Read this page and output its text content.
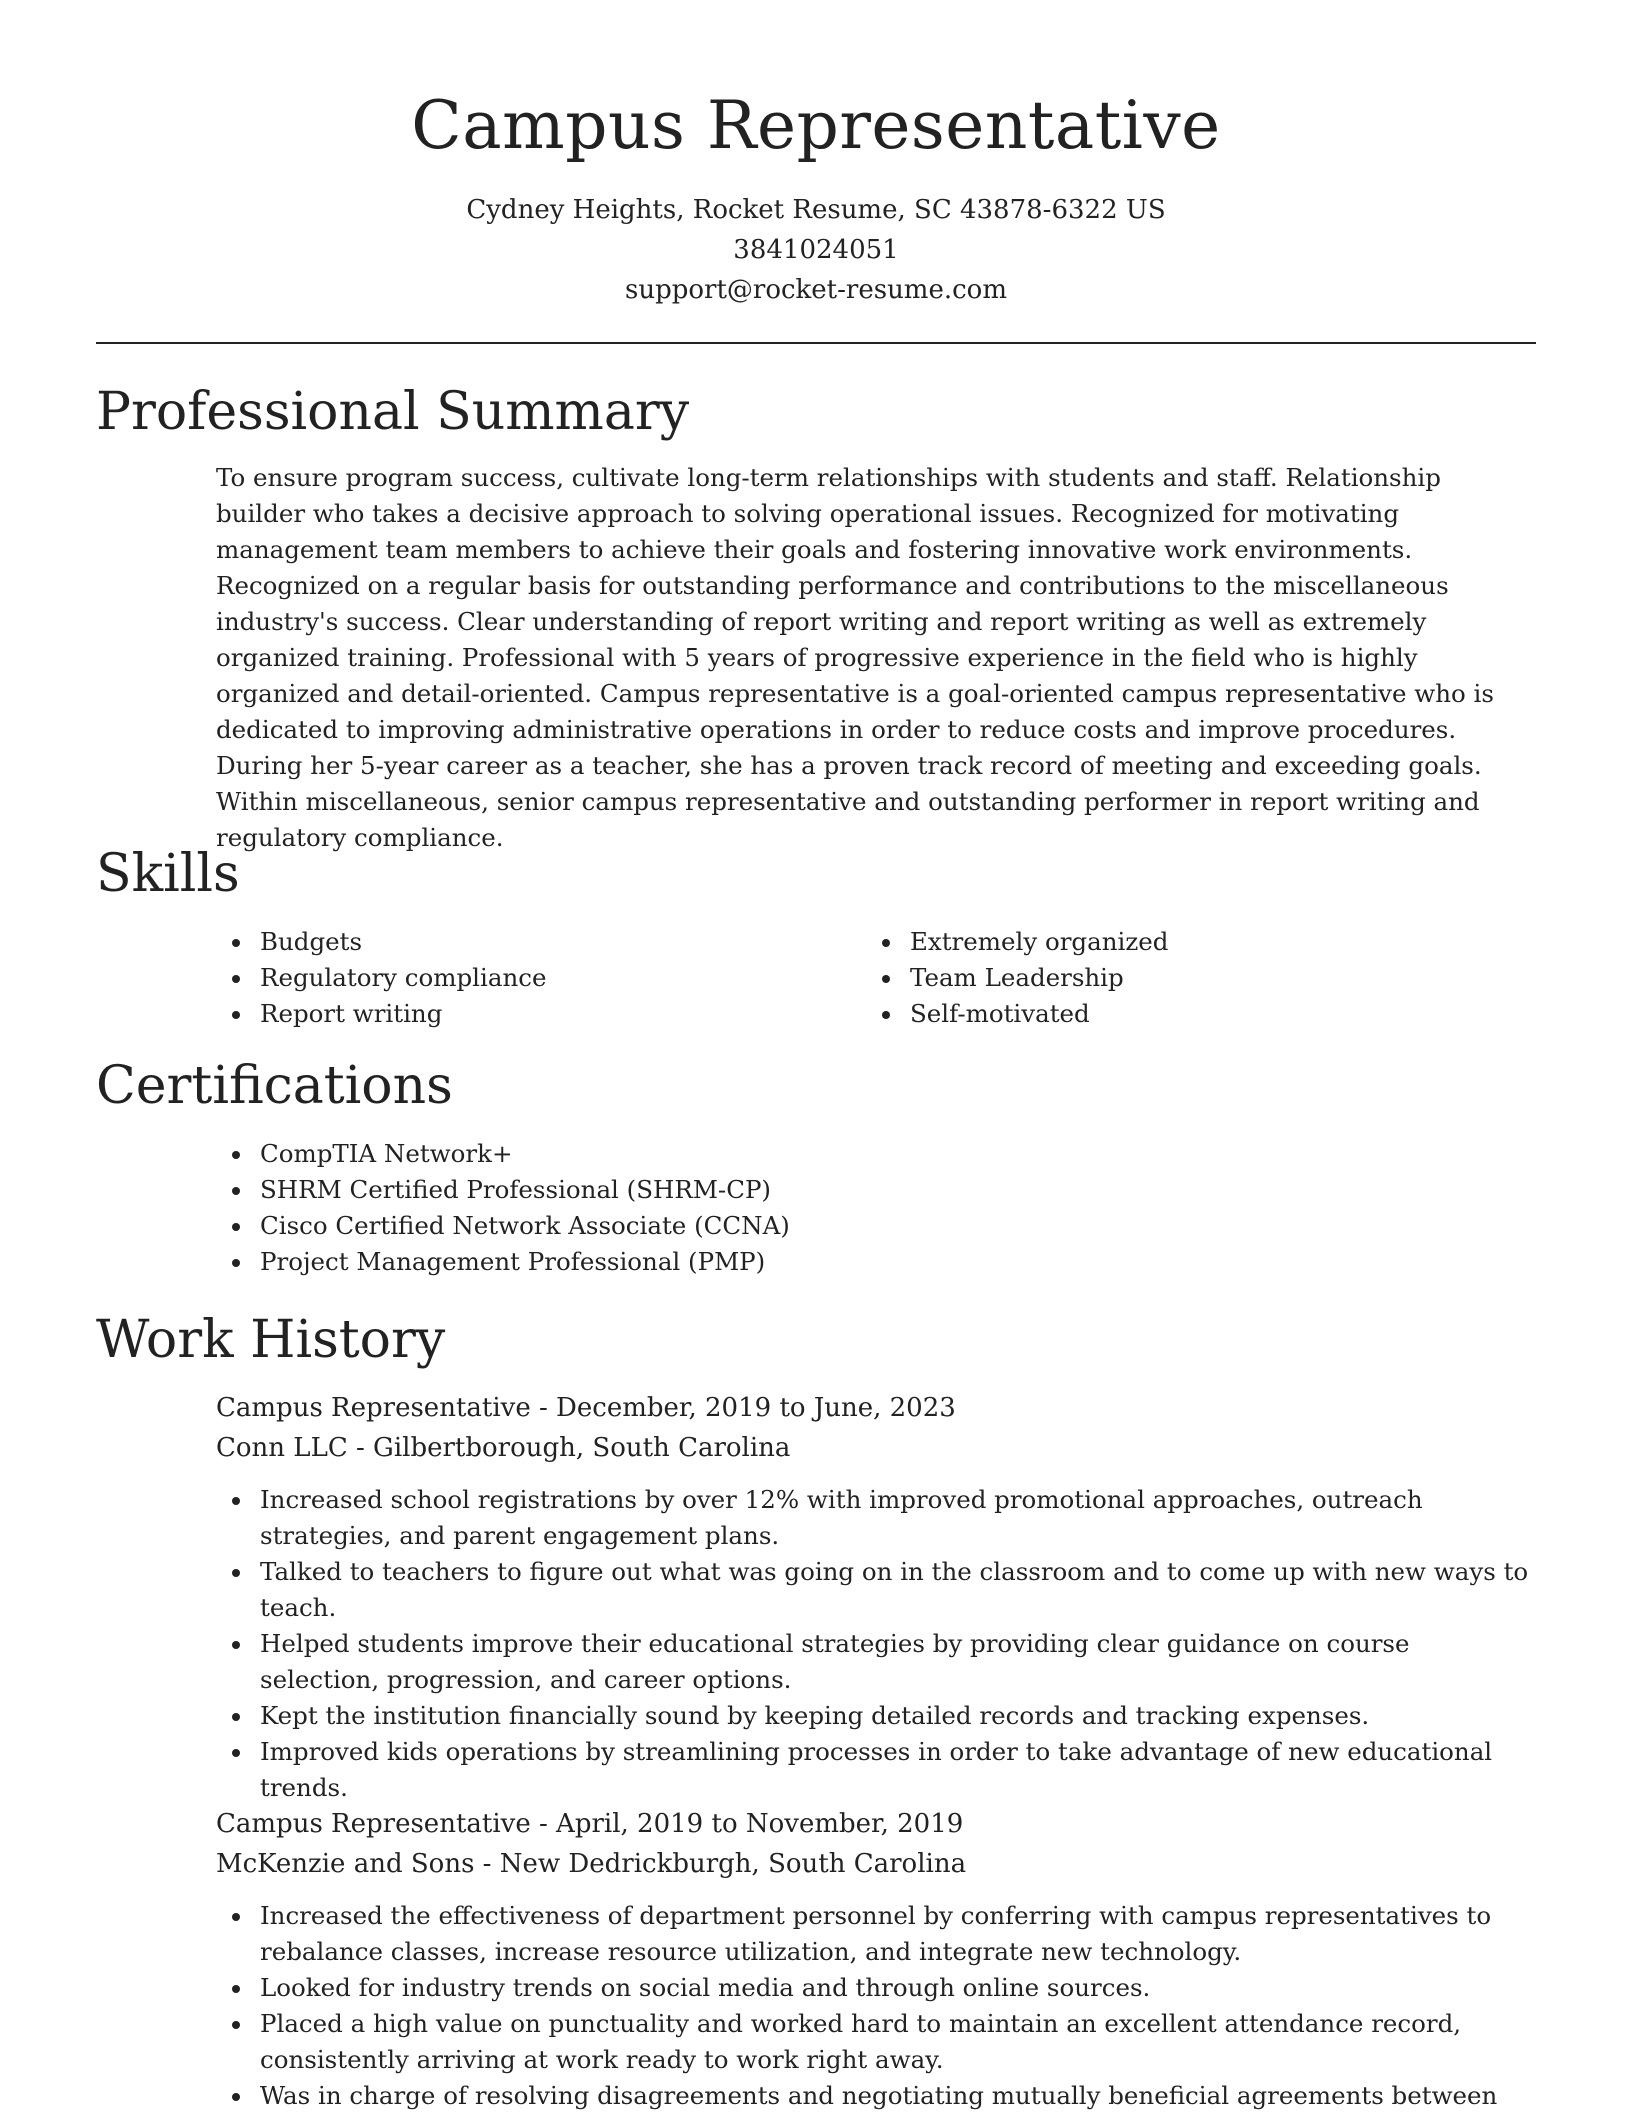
Campus Representative
Cydney Heights, Rocket Resume, SC 43878-6322 US
3841024051
support@rocket-resume.com
Professional Summary

To ensure program success, cultivate long-term relationships with students and staff. Relationship builder who takes a decisive approach to solving operational issues. Recognized for motivating management team members to achieve their goals and fostering innovative work environments. Recognized on a regular basis for outstanding performance and contributions to the miscellaneous industry's success. Clear understanding of report writing and report writing as well as extremely organized training. Professional with 5 years of progressive experience in the field who is highly organized and detail-oriented. Campus representative is a goal-oriented campus representative who is dedicated to improving administrative operations in order to reduce costs and improve procedures. During her 5-year career as a teacher, she has a proven track record of meeting and exceeding goals. Within miscellaneous, senior campus representative and outstanding performer in report writing and regulatory compliance.

Skills
Budgets
Regulatory compliance
Report writing
Extremely organized
Team Leadership
Self-motivated
Certifications
CompTIA Network+
SHRM Certified Professional (SHRM-CP)
Cisco Certified Network Associate (CCNA)
Project Management Professional (PMP)
Work History
Campus Representative - December, 2019 to June, 2023
Conn LLC - Gilbertborough, South Carolina
Increased school registrations by over 12% with improved promotional approaches, outreach strategies, and parent engagement plans.
Talked to teachers to figure out what was going on in the classroom and to come up with new ways to teach.
Helped students improve their educational strategies by providing clear guidance on course selection, progression, and career options.
Kept the institution financially sound by keeping detailed records and tracking expenses.
Improved kids operations by streamlining processes in order to take advantage of new educational trends.
Campus Representative - April, 2019 to November, 2019
McKenzie and Sons - New Dedrickburgh, South Carolina
Increased the effectiveness of department personnel by conferring with campus representatives to rebalance classes, increase resource utilization, and integrate new technology.
Looked for industry trends on social media and through online sources.
Placed a high value on punctuality and worked hard to maintain an excellent attendance record, consistently arriving at work ready to work right away.
Was in charge of resolving disagreements and negotiating mutually beneficial agreements between
